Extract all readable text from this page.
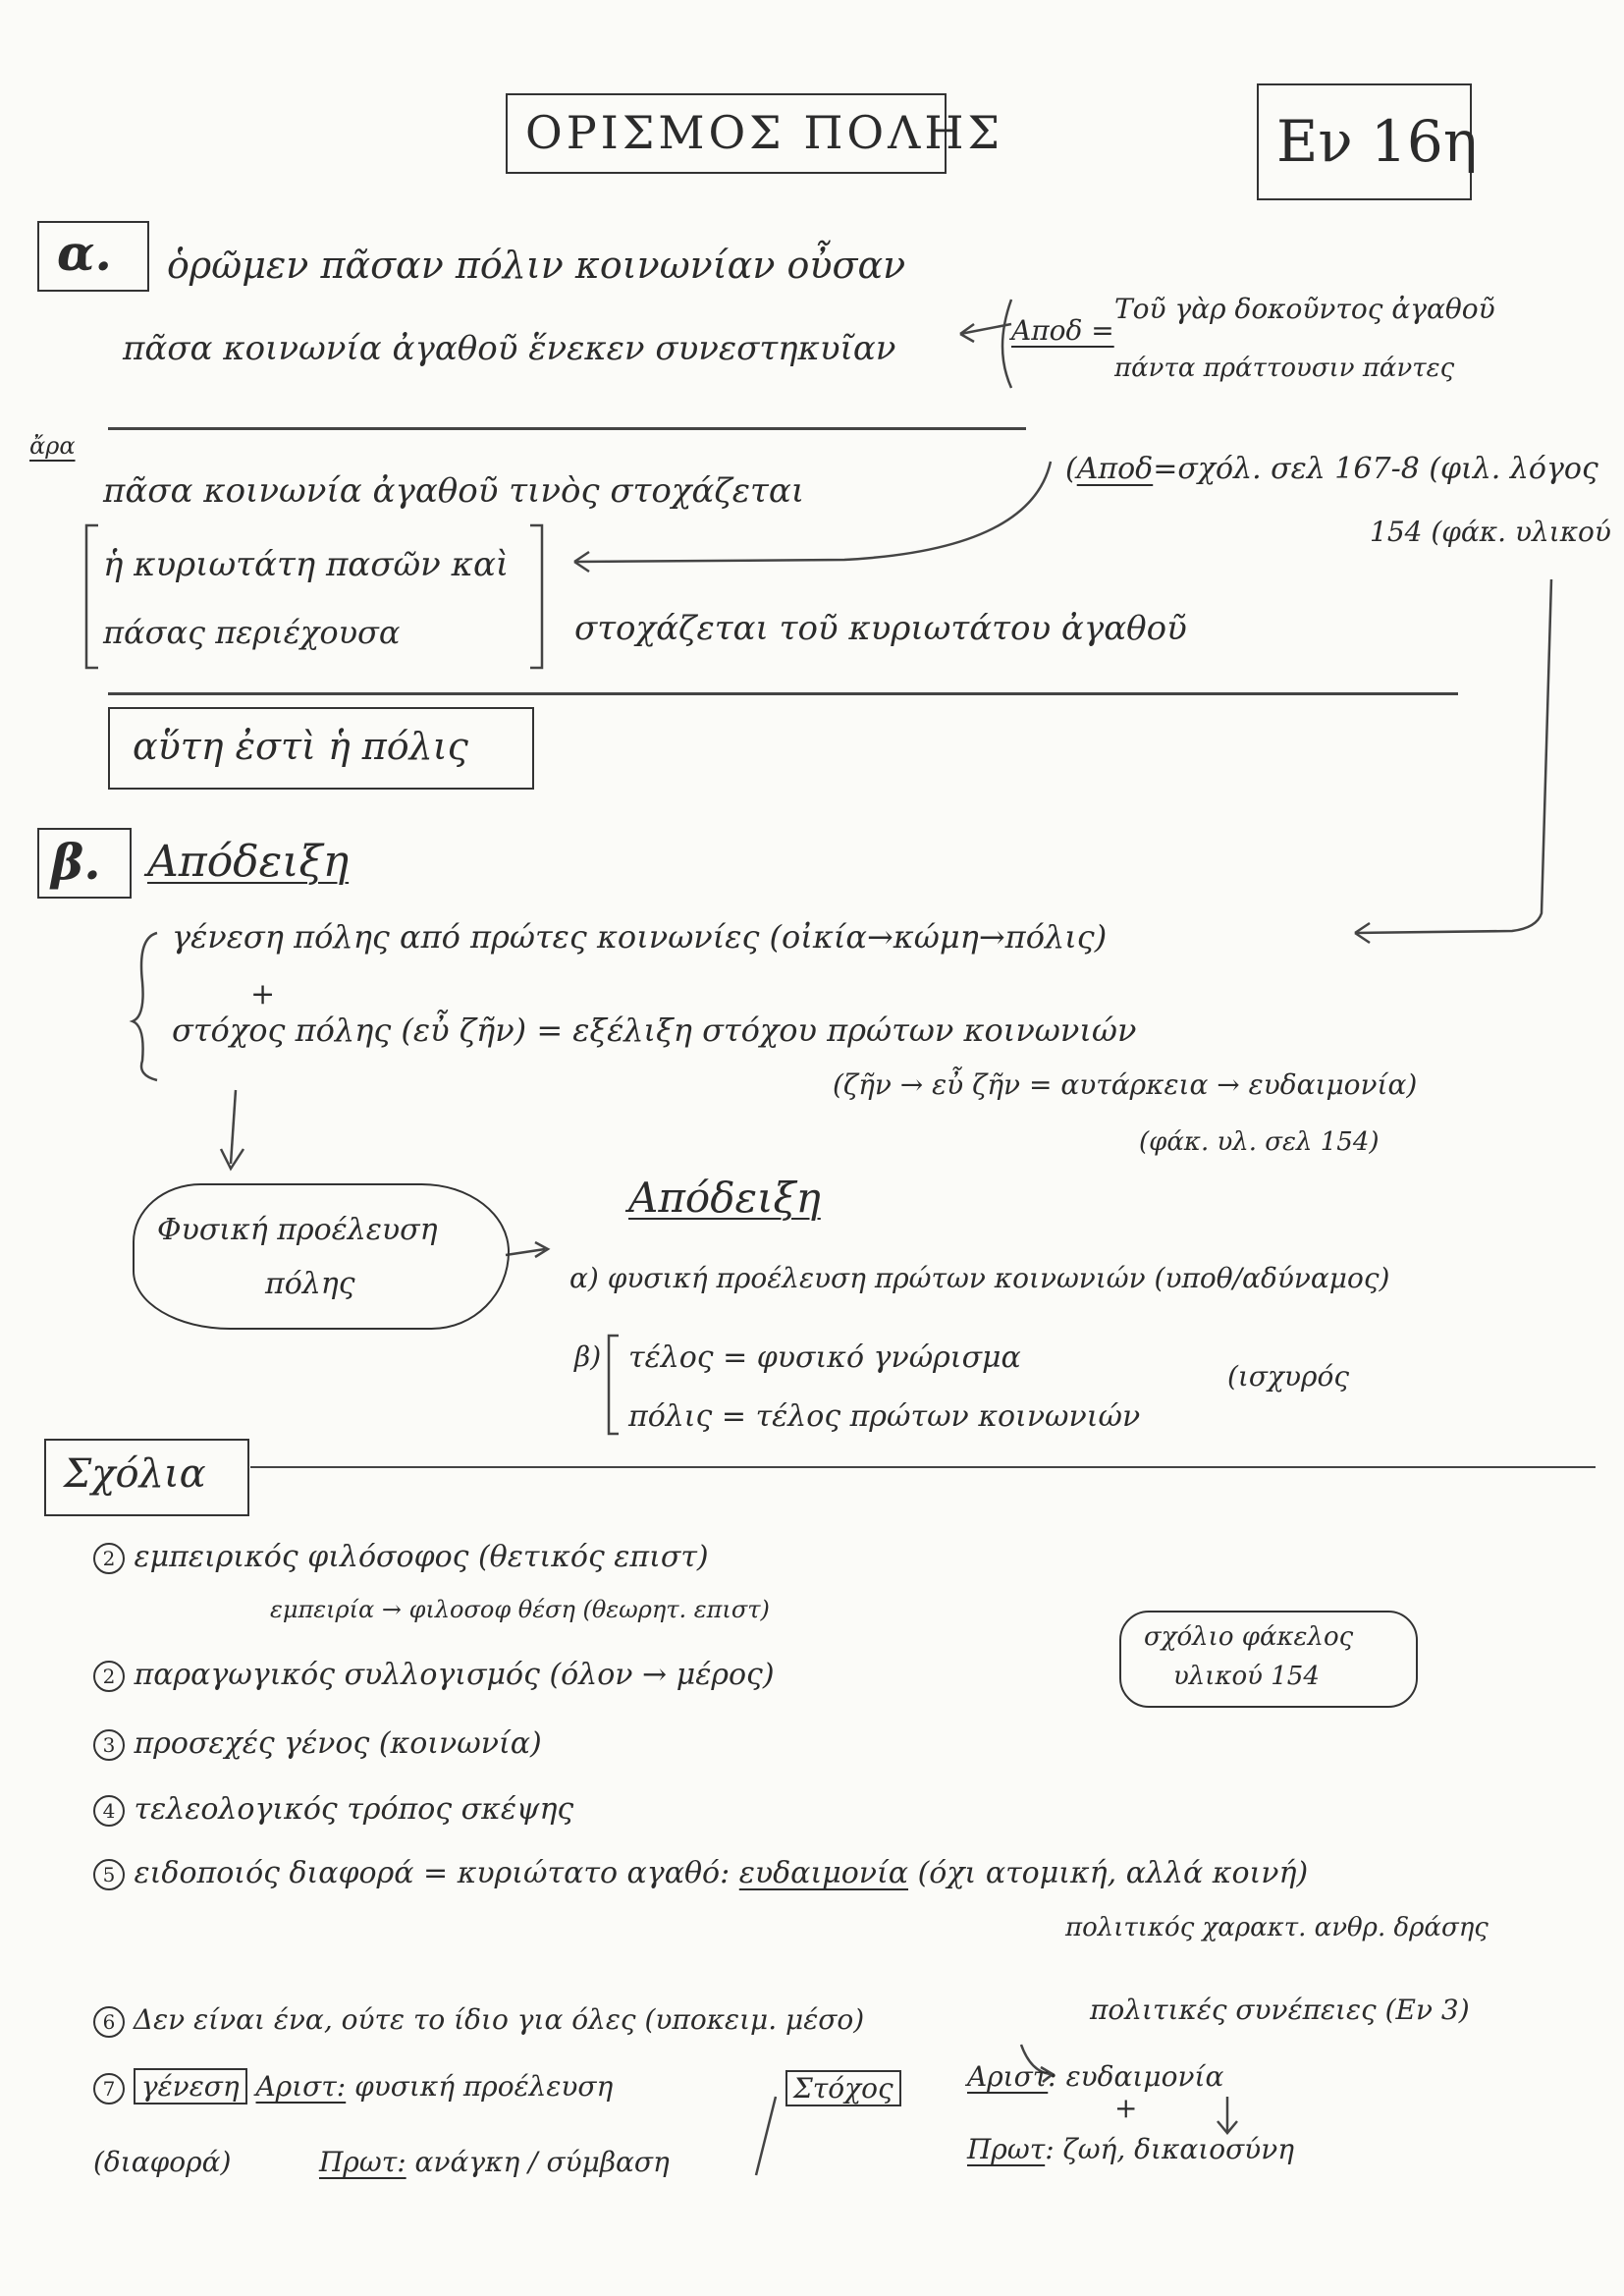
ΟΡΙΣΜΟΣ ΠΟΛΗΣ	Εν 16η
α. ὁρῶμεν πᾶσαν πόλιν κοινωνίαν οὖσαν
πᾶσα κοινωνία ἀγαθοῦ ἕνεκεν συνεστηκυῖαν	Αποδ =
Τοῦ γὰρ δοκοῦντος ἀγαθοῦ
πάντα πράττουσιν πάντες
ἄρα
πᾶσα κοινωνία ἀγαθοῦ τινὸς στοχάζεται
(Αποδ=σχόλ. σελ 167-8 (φιλ. λόγος
154 (φάκ. υλικού
ἡ κυριωτάτη πασῶν καὶ
πάσας περιέχουσα	στοχάζεται τοῦ κυριωτάτου ἀγαθοῦ
αὕτη ἐστὶ ἡ πόλις
β. Απόδειξη
γένεση πόλης από πρώτες κοινωνίες (οἰκία→κώμη→πόλις)
+
στόχος πόλης (εὖ ζῆν) = εξέλιξη στόχου πρώτων κοινωνιών
(ζῆν → εὖ ζῆν = αυτάρκεια → ευδαιμονία)
(φάκ. υλ. σελ 154)
Φυσική προέλευση
πόλης
Απόδειξη
α) φυσική προέλευση πρώτων κοινωνιών (υποθ/αδύναμος)
β) τέλος = φυσικό γνώρισμα
πόλις = τέλος πρώτων κοινωνιών
(ισχυρός
Σχόλια
2 εμπειρικός φιλόσοφος (θετικός επιστ)
εμπειρία → φιλοσοφ θέση (θεωρητ. επιστ)
σχόλιο φάκελος
υλικού 154
2 παραγωγικός συλλογισμός (όλον → μέρος)
3 προσεχές γένος (κοινωνία)
4 τελεολογικός τρόπος σκέψης
5 ειδοποιός διαφορά = κυριώτατο αγαθό: ευδαιμονία (όχι ατομική, αλλά κοινή)
πολιτικός χαρακτ. ανθρ. δράσης
πολιτικές συνέπειες (Εν 3)
6 Δεν είναι ένα, ούτε το ίδιο για όλες (υποκειμ. μέσο)
7 γένεση Αριστ: φυσική προέλευση	Στόχος	Αριστ: ευδαιμονία
+
(διαφορά)	Πρωτ: ανάγκη / σύμβαση	Πρωτ: ζωή, δικαιοσύνη
